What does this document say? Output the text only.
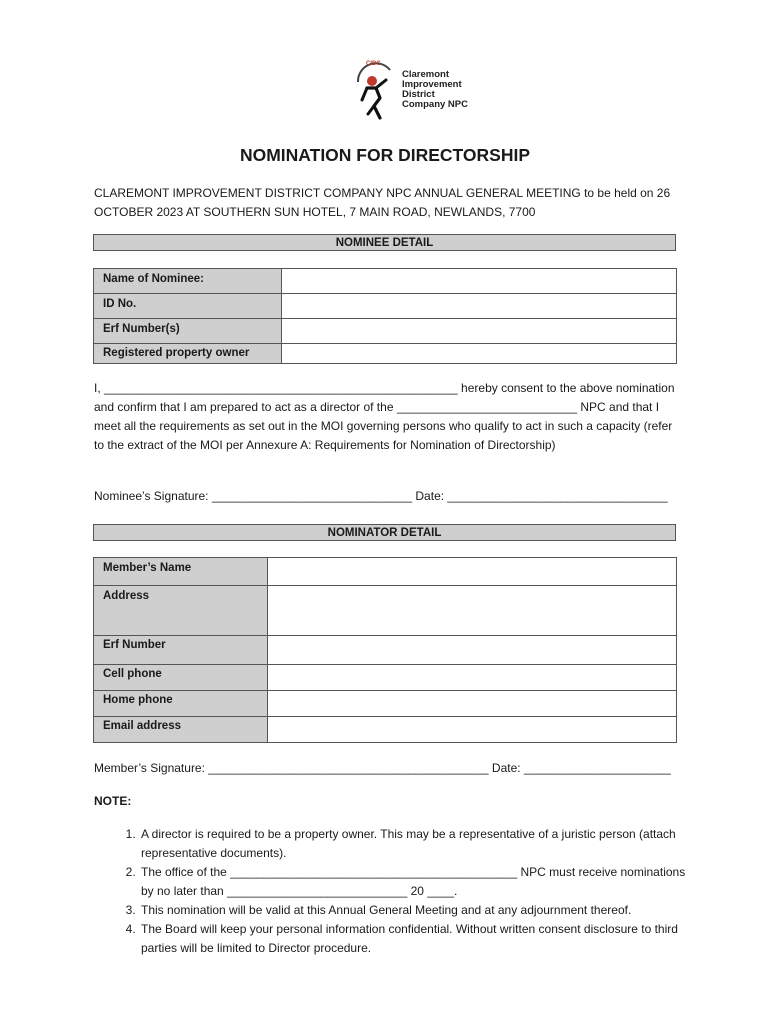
CIDC
Claremont
Improvement
District
Company NPC
NOMINATION FOR DIRECTORSHIP
CLAREMONT IMPROVEMENT DISTRICT COMPANY NPC ANNUAL GENERAL MEETING to be held on 26 OCTOBER 2023 AT SOUTHERN SUN HOTEL, 7 MAIN ROAD, NEWLANDS, 7700
NOMINEE DETAIL
Name of Nominee:	
ID No.	
Erf Number(s)	
Registered property owner	
I, _____________________________________________________ hereby consent to the above nomination and confirm that I am prepared to act as a director of the ___________________________ NPC and that I meet all the requirements as set out in the MOI governing persons who qualify to act in such a capacity (refer to the extract of the MOI per Annexure A: Requirements for Nomination of Directorship)
Nominee’s Signature: ______________________________ Date: _________________________________
NOMINATOR DETAIL
Member’s Name	
Address	
Erf Number	
Cell phone	
Home phone	
Email address	
Member’s Signature: __________________________________________ Date: ______________________
NOTE:
1. A director is required to be a property owner. This may be a representative of a juristic person (attach representative documents).
2. The office of the ___________________________________________ NPC must receive nominations by no later than ___________________________ 20 ____.
3. This nomination will be valid at this Annual General Meeting and at any adjournment thereof.
4. The Board will keep your personal information confidential. Without written consent disclosure to third parties will be limited to Director procedure.
